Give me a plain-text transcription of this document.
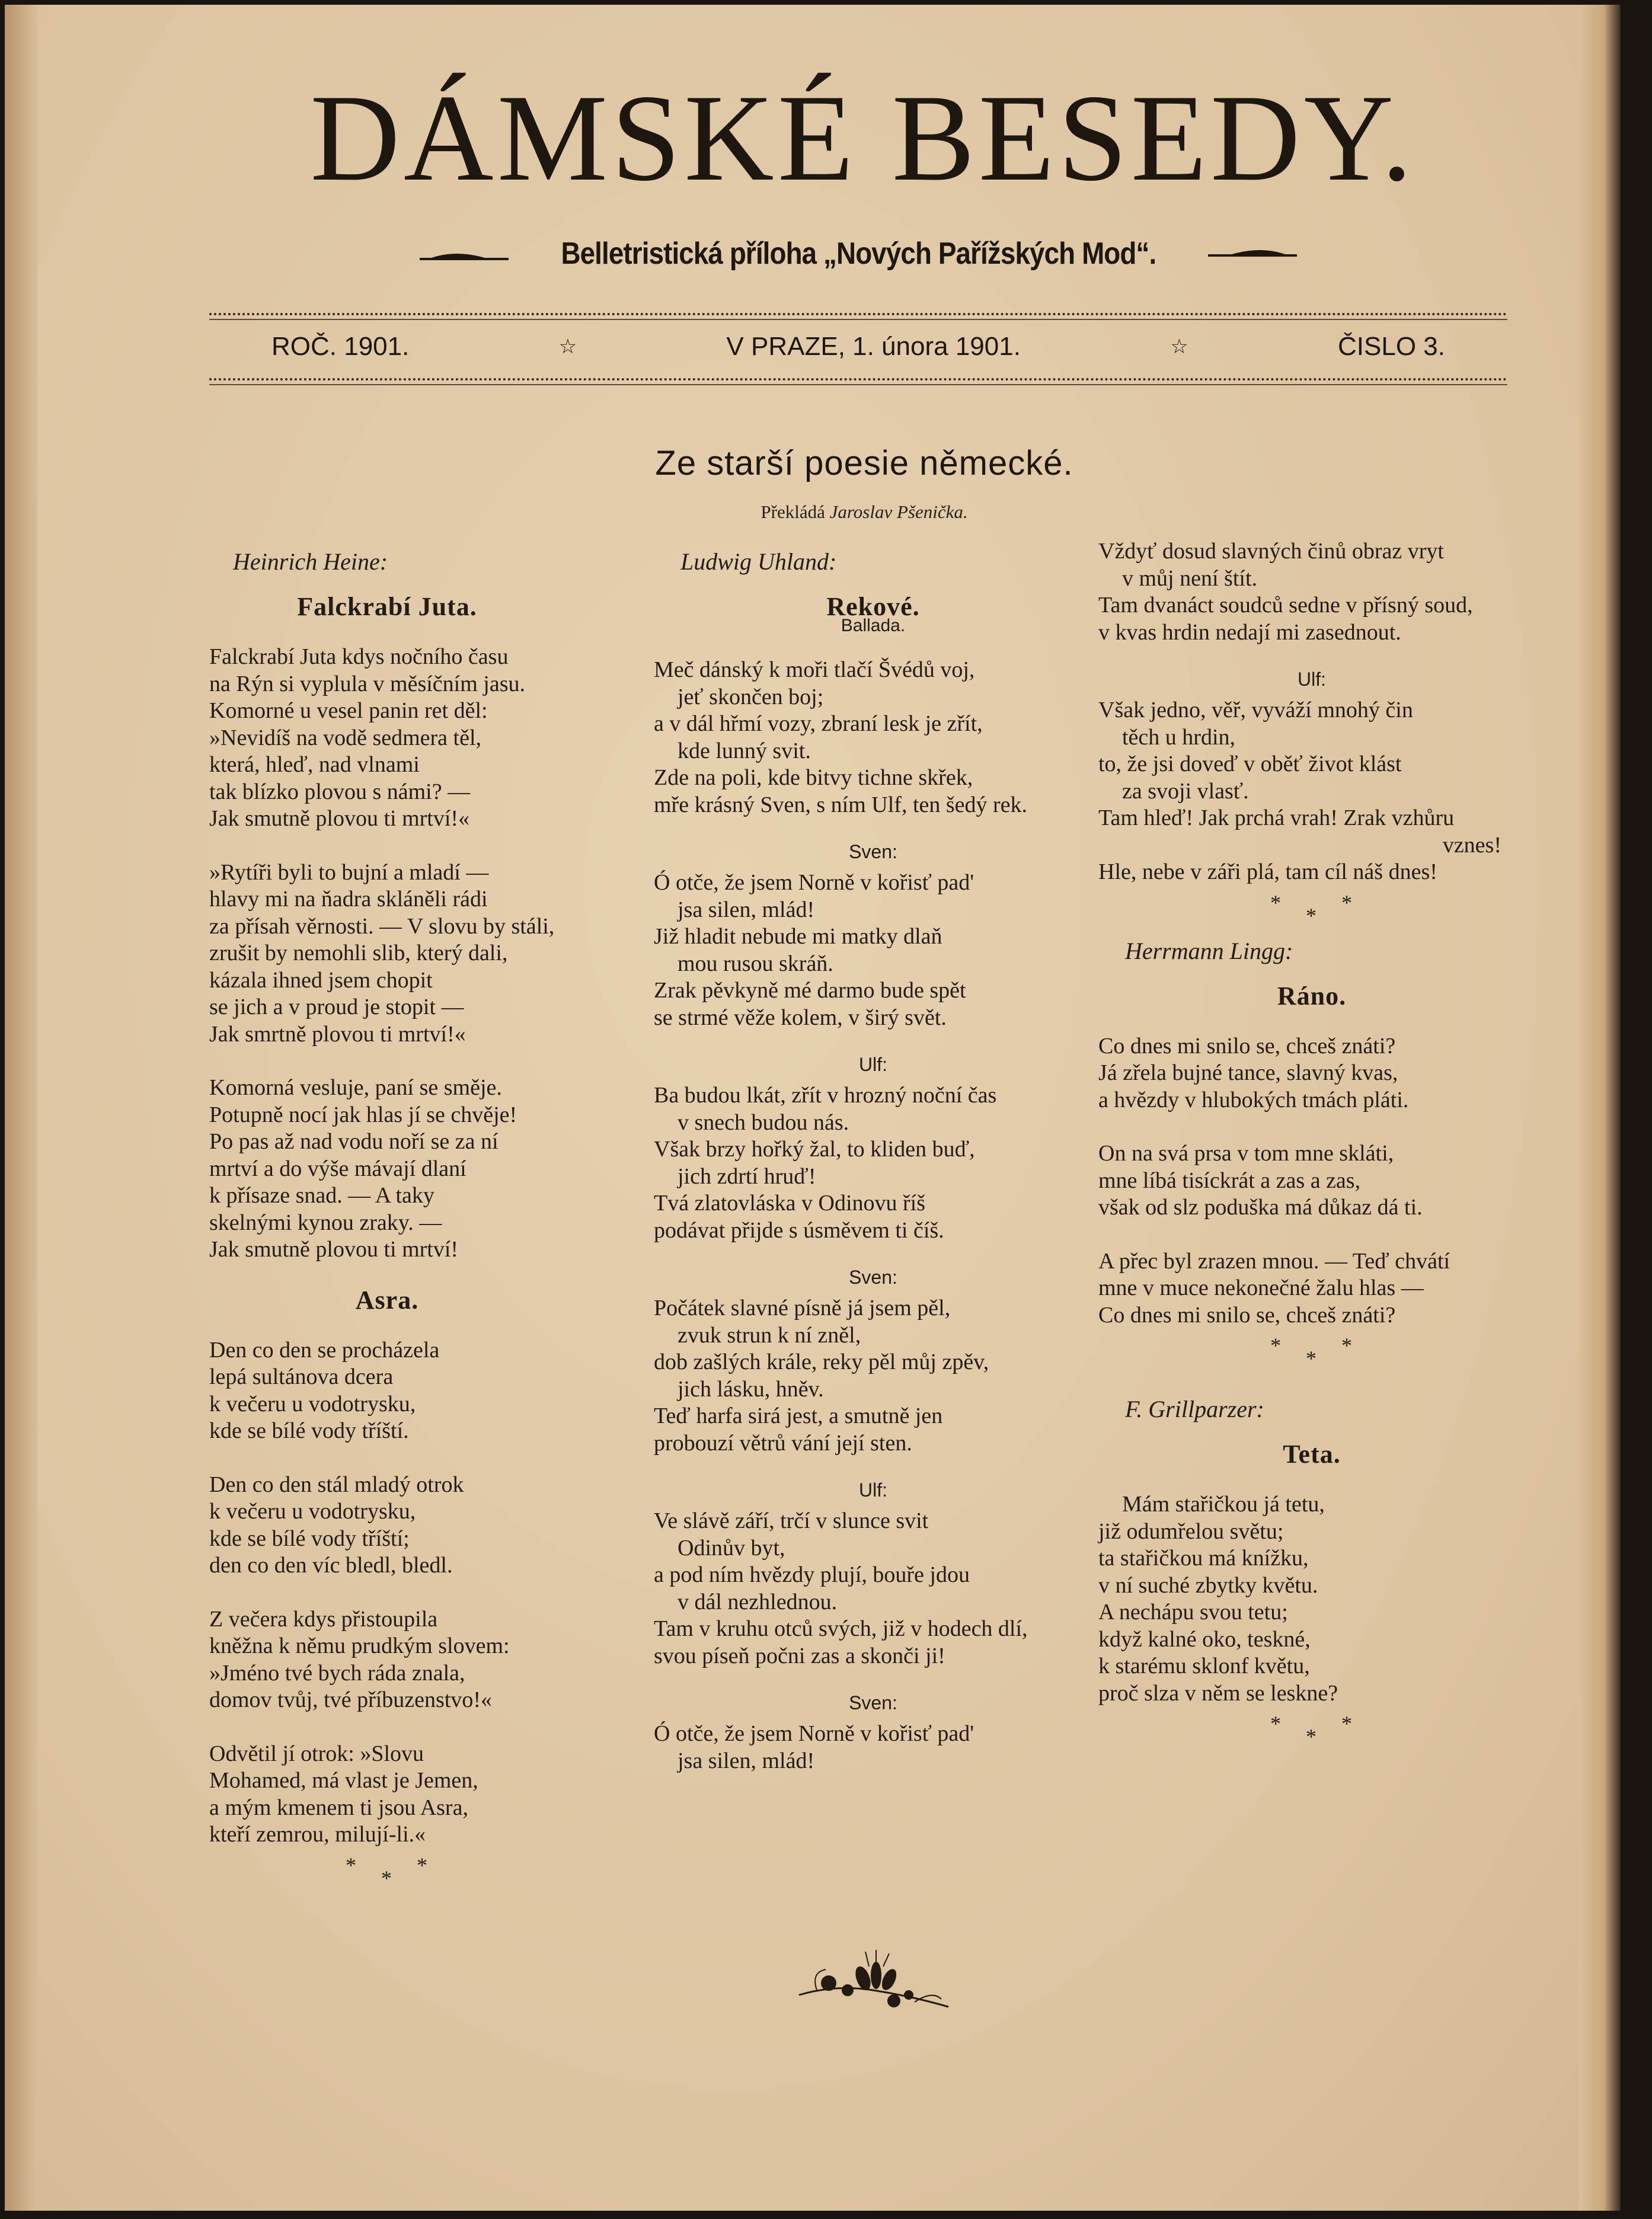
DÁMSKÉ BESEDY.
Belletristická příloha „Nových Pařížských Mod“.
ROČ. 1901.	☆	V PRAZE, 1. února 1901.	☆	ČISLO 3.
Ze starší poesie německé.
Překládá Jaroslav Pšenička.
Heinrich Heine:
Falckrabí Juta.
Falckrabí Juta kdys nočního času
na Rýn si vyplula v měsíčním jasu.
Komorné u vesel panin ret děl:
»Nevidíš na vodě sedmera těl,
která, hleď, nad vlnami
tak blízko plovou s námi? —
Jak smutně plovou ti mrtví!«
»Rytíři byli to bujní a mladí —
hlavy mi na ňadra skláněli rádi
za přísah věrnosti. — V slovu by stáli,
zrušit by nemohli slib, který dali,
kázala ihned jsem chopit
se jich a v proud je stopit —
Jak smrtně plovou ti mrtví!«
Komorná vesluje, paní se směje.
Potupně nocí jak hlas jí se chvěje!
Po pas až nad vodu noří se za ní
mrtví a do výše mávají dlaní
k přísaze snad. — A taky
skelnými kynou zraky. —
Jak smutně plovou ti mrtví!
Asra.
Den co den se procházela
lepá sultánova dcera
k večeru u vodotrysku,
kde se bílé vody tříští.
Den co den stál mladý otrok
k večeru u vodotrysku,
kde se bílé vody tříští;
den co den víc bledl, bledl.
Z večera kdys přistoupila
kněžna k němu prudkým slovem:
»Jméno tvé bych ráda znala,
domov tvůj, tvé příbuzenstvo!«
Odvětil jí otrok: »Slovu
Mohamed, má vlast je Jemen,
a mým kmenem ti jsou Asra,
kteří zemrou, milují-li.«
*
*
*
Ludwig Uhland:
Rekové.
Ballada.
Meč dánský k moři tlačí Švédů voj,
jeť skončen boj;
a v dál hřmí vozy, zbraní lesk je zřít,
kde lunný svit.
Zde na poli, kde bitvy tichne skřek,
mře krásný Sven, s ním Ulf, ten šedý rek.
Sven:
Ó otče, že jsem Norně v kořisť pad'
jsa silen, mlád!
Již hladit nebude mi matky dlaň
mou rusou skráň.
Zrak pěvkyně mé darmo bude spět
se strmé věže kolem, v širý svět.
Ulf:
Ba budou lkát, zřít v hrozný noční čas
v snech budou nás.
Však brzy hořký žal, to kliden buď,
jich zdrtí hruď!
Tvá zlatovláska v Odinovu říš
podávat přijde s úsměvem ti číš.
Sven:
Počátek slavné písně já jsem pěl,
zvuk strun k ní zněl,
dob zašlých krále, reky pěl můj zpěv,
jich lásku, hněv.
Teď harfa sirá jest, a smutně jen
probouzí větrů vání její sten.
Ulf:
Ve slávě září, trčí v slunce svit
Odinův byt,
a pod ním hvězdy plují, bouře jdou
v dál nezhlednou.
Tam v kruhu otců svých, již v hodech dlí,
svou píseň počni zas a skonči ji!
Sven:
Ó otče, že jsem Norně v kořisť pad'
jsa silen, mlád!
Vždyť dosud slavných činů obraz vryt
v můj není štít.
Tam dvanáct soudců sedne v přísný soud,
v kvas hrdin nedají mi zasednout.
Ulf:
Však jedno, věř, vyváží mnohý čin
těch u hrdin,
to, že jsi doveď v oběť život klást
za svoji vlasť.
Tam hleď! Jak prchá vrah! Zrak vzhůru
vznes!
Hle, nebe v záři plá, tam cíl náš dnes!
*
*
*
Herrmann Lingg:
Ráno.
Co dnes mi snilo se, chceš znáti?
Já zřela bujné tance, slavný kvas,
a hvězdy v hlubokých tmách pláti.
On na svá prsa v tom mne skláti,
mne líbá tisíckrát a zas a zas,
však od slz poduška má důkaz dá ti.
A přec byl zrazen mnou. — Teď chvátí
mne v muce nekonečné žalu hlas —
Co dnes mi snilo se, chceš znáti?
*
*
*
F. Grillparzer:
Teta.
Mám stařičkou já tetu,
již odumřelou světu;
ta stařičkou má knížku,
v ní suché zbytky květu.
A nechápu svou tetu;
když kalné oko, teskné,
k starému sklonf květu,
proč slza v něm se leskne?
*
*
*
